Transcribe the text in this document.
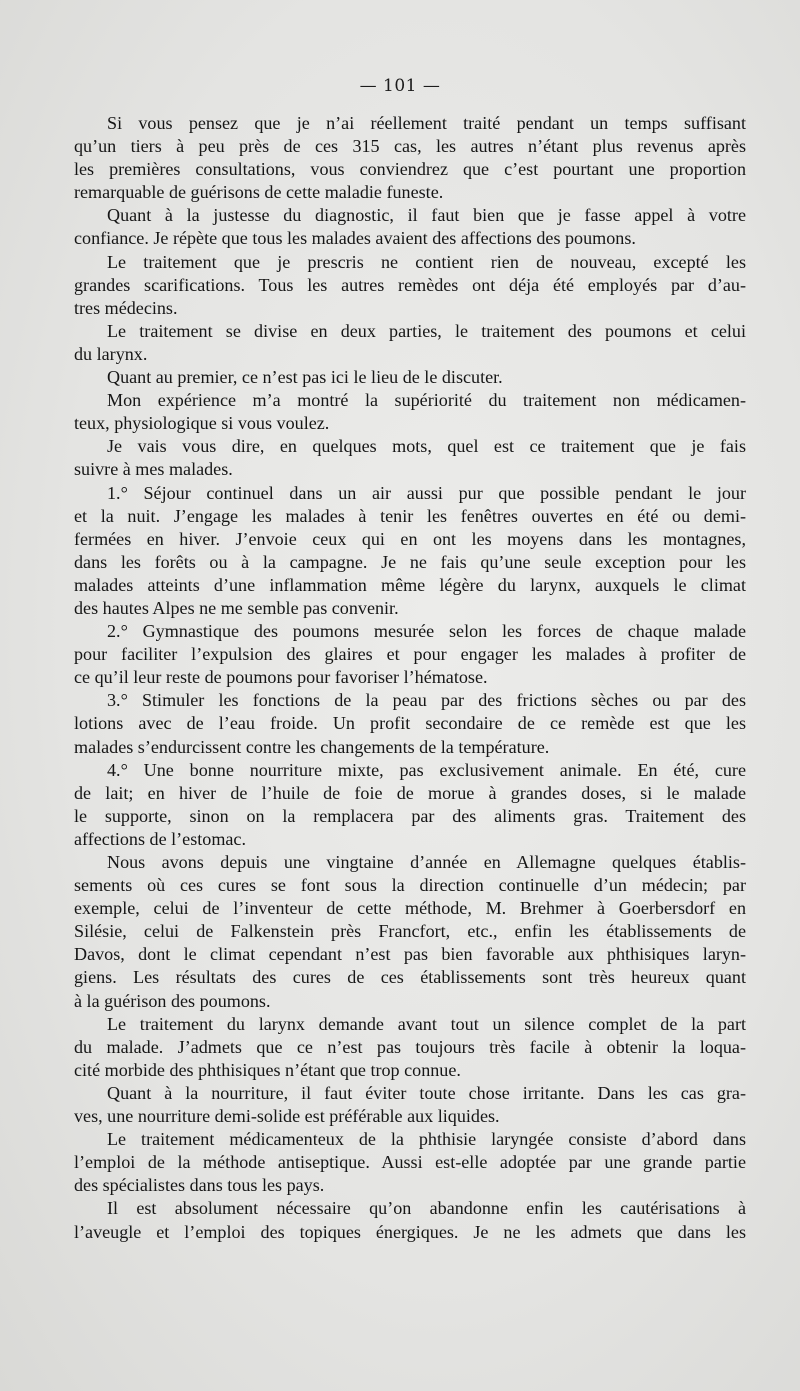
— 101 —
Si vous pensez que je n’ai réellement traité pendant un temps suffisant
qu’un tiers à peu près de ces 315 cas, les autres n’étant plus revenus après
les premières consultations, vous conviendrez que c’est pourtant une proportion
remarquable de guérisons de cette maladie funeste.
Quant à la justesse du diagnostic, il faut bien que je fasse appel à votre
confiance. Je répète que tous les malades avaient des affections des poumons.
Le traitement que je prescris ne contient rien de nouveau, excepté les
grandes scarifications. Tous les autres remèdes ont déja été employés par d’au-
tres médecins.
Le traitement se divise en deux parties, le traitement des poumons et celui
du larynx.
Quant au premier, ce n’est pas ici le lieu de le discuter.
Mon expérience m’a montré la supériorité du traitement non médicamen-
teux, physiologique si vous voulez.
Je vais vous dire, en quelques mots, quel est ce traitement que je fais
suivre à mes malades.
1.° Séjour continuel dans un air aussi pur que possible pendant le jour
et la nuit. J’engage les malades à tenir les fenêtres ouvertes en été ou demi-
fermées en hiver. J’envoie ceux qui en ont les moyens dans les montagnes,
dans les forêts ou à la campagne. Je ne fais qu’une seule exception pour les
malades atteints d’une inflammation même légère du larynx, auxquels le climat
des hautes Alpes ne me semble pas convenir.
2.° Gymnastique des poumons mesurée selon les forces de chaque malade
pour faciliter l’expulsion des glaires et pour engager les malades à profiter de
ce qu’il leur reste de poumons pour favoriser l’hématose.
3.° Stimuler les fonctions de la peau par des frictions sèches ou par des
lotions avec de l’eau froide. Un profit secondaire de ce remède est que les
malades s’endurcissent contre les changements de la température.
4.° Une bonne nourriture mixte, pas exclusivement animale. En été, cure
de lait; en hiver de l’huile de foie de morue à grandes doses, si le malade
le supporte, sinon on la remplacera par des aliments gras. Traitement des
affections de l’estomac.
Nous avons depuis une vingtaine d’année en Allemagne quelques établis-
sements où ces cures se font sous la direction continuelle d’un médecin; par
exemple, celui de l’inventeur de cette méthode, M. Brehmer à Goerbersdorf en
Silésie, celui de Falkenstein près Francfort, etc., enfin les établissements de
Davos, dont le climat cependant n’est pas bien favorable aux phthisiques laryn-
giens. Les résultats des cures de ces établissements sont très heureux quant
à la guérison des poumons.
Le traitement du larynx demande avant tout un silence complet de la part
du malade. J’admets que ce n’est pas toujours très facile à obtenir la loqua-
cité morbide des phthisiques n’étant que trop connue.
Quant à la nourriture, il faut éviter toute chose irritante. Dans les cas gra-
ves, une nourriture demi-solide est préférable aux liquides.
Le traitement médicamenteux de la phthisie laryngée consiste d’abord dans
l’emploi de la méthode antiseptique. Aussi est-elle adoptée par une grande partie
des spécialistes dans tous les pays.
Il est absolument nécessaire qu’on abandonne enfin les cautérisations à
l’aveugle et l’emploi des topiques énergiques. Je ne les admets que dans les
